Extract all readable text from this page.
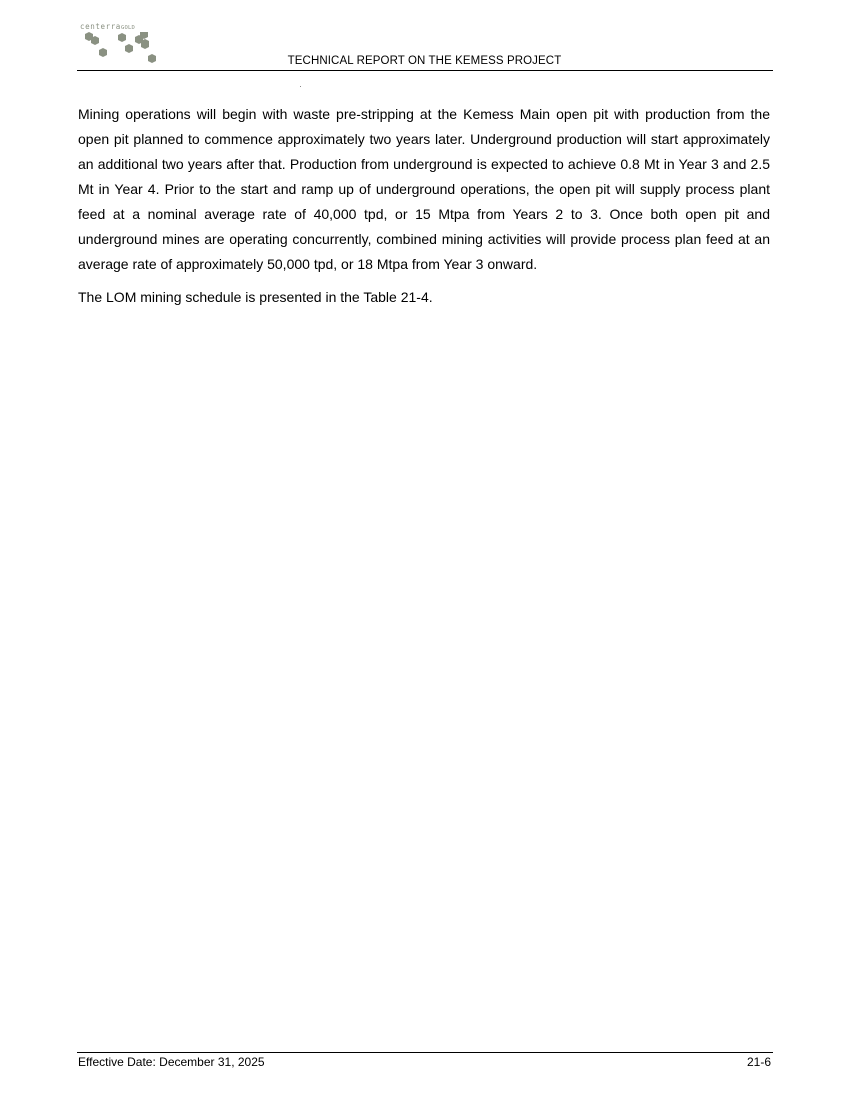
centerraGOLD
TECHNICAL REPORT ON THE KEMESS PROJECT

Mining operations will begin with waste pre-stripping at the Kemess Main open pit with production from the open pit planned to commence approximately two years later. Underground production will start approximately an additional two years after that. Production from underground is expected to achieve 0.8 Mt in Year 3 and 2.5 Mt in Year 4. Prior to the start and ramp up of underground operations, the open pit will supply process plant feed at a nominal average rate of 40,000 tpd, or 15 Mtpa from Years 2 to 3. Once both open pit and underground mines are operating concurrently, combined mining activities will provide process plan feed at an average rate of approximately 50,000 tpd, or 18 Mtpa from Year 3 onward.

The LOM mining schedule is presented in the Table 21-4.

Effective Date: December 31, 2025	21-6
